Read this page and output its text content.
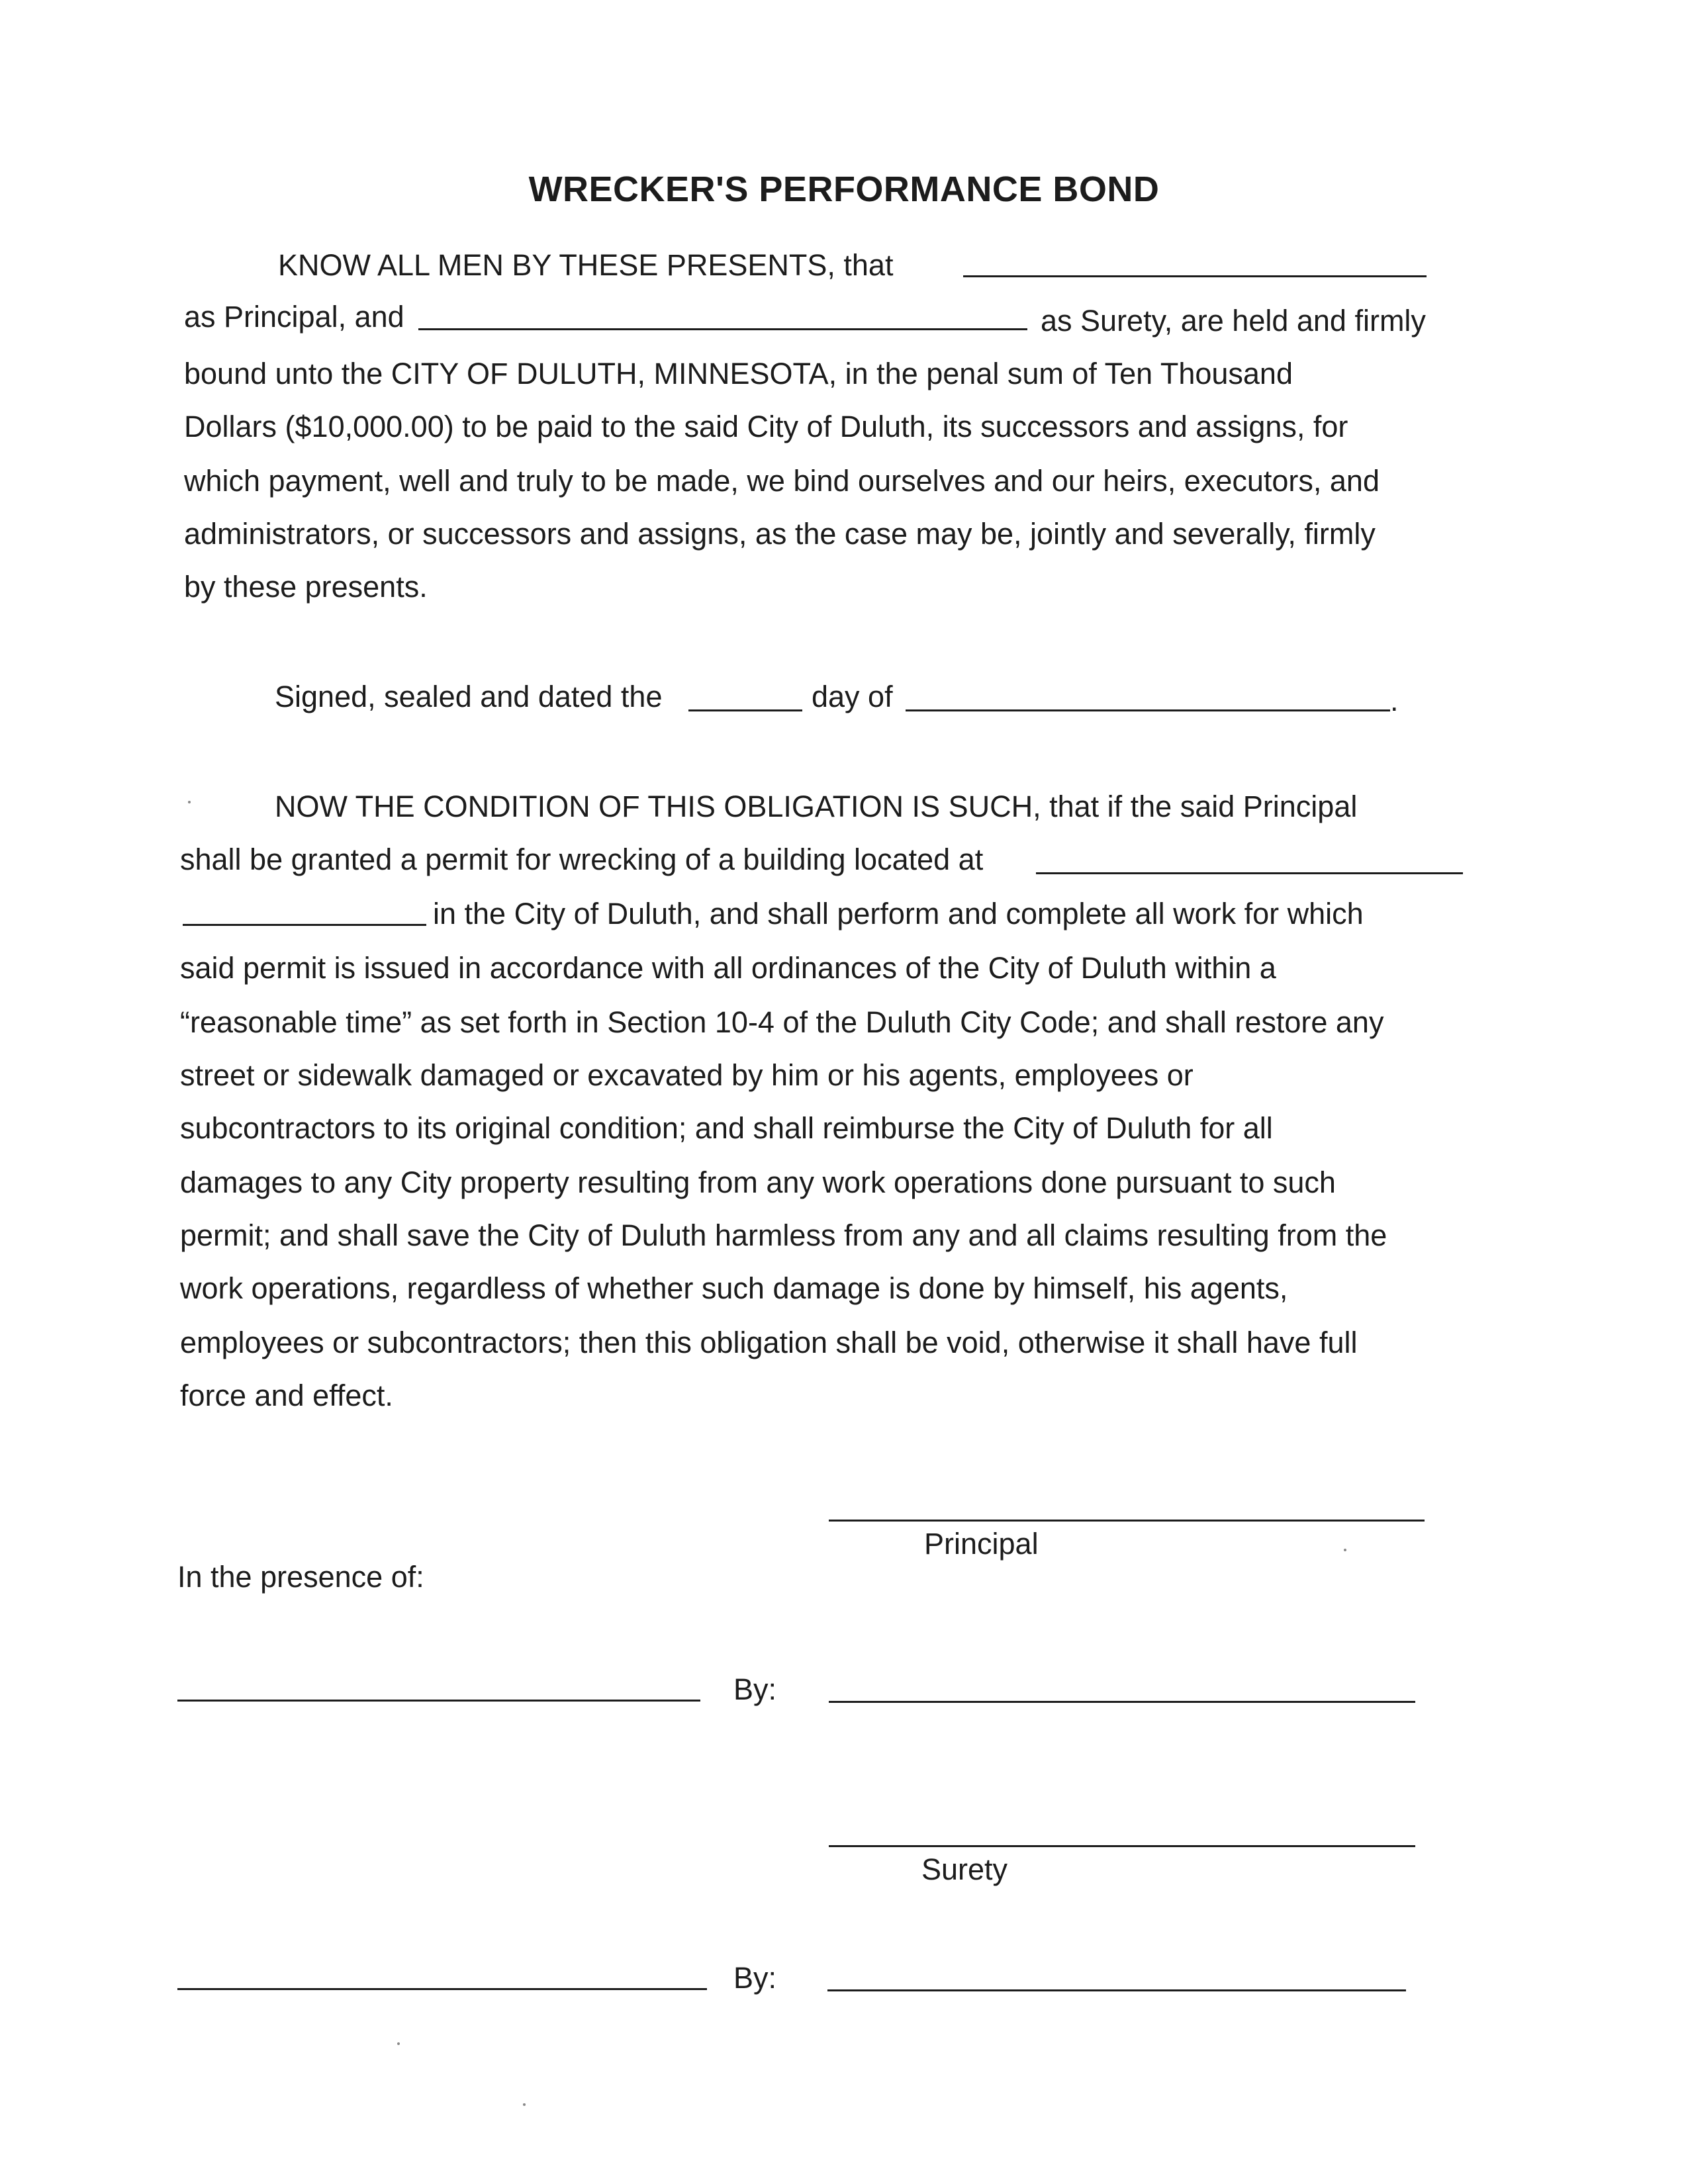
WRECKER'S PERFORMANCE BOND
KNOW ALL MEN BY THESE PRESENTS, that
as Principal, and	as Surety, are held and firmly
bound unto the CITY OF DULUTH, MINNESOTA, in the penal sum of Ten Thousand
Dollars ($10,000.00) to be paid to the said City of Duluth, its successors and assigns, for
which payment, well and truly to be made, we bind ourselves and our heirs, executors, and
administrators, or successors and assigns, as the case may be, jointly and severally, firmly
by these presents.
Signed, sealed and dated the	day of	.
NOW THE CONDITION OF THIS OBLIGATION IS SUCH, that if the said Principal
shall be granted a permit for wrecking of a building located at
in the City of Duluth, and shall perform and complete all work for which
said permit is issued in accordance with all ordinances of the City of Duluth within a
“reasonable time” as set forth in Section 10-4 of the Duluth City Code; and shall restore any
street or sidewalk damaged or excavated by him or his agents, employees or
subcontractors to its original condition; and shall reimburse the City of Duluth for all
damages to any City property resulting from any work operations done pursuant to such
permit; and shall save the City of Duluth harmless from any and all claims resulting from the
work operations, regardless of whether such damage is done by himself, his agents,
employees or subcontractors; then this obligation shall be void, otherwise it shall have full
force and effect.
Principal
In the presence of:
By:
Surety
By:
